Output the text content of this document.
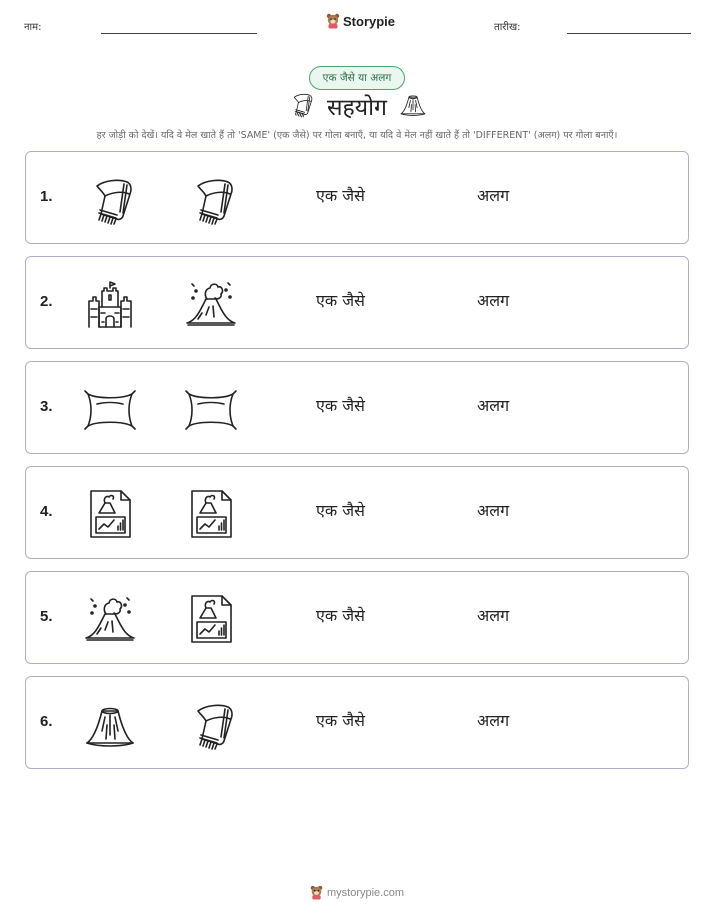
नाम:	Storypie	तारीख:
एक जैसे या अलग
सहयोग
हर जोड़ी को देखें। यदि वे मेल खाते हैं तो 'SAME' (एक जैसे) पर गोला बनाएँ, या यदि वे मेल नहीं खाते हैं तो 'DIFFERENT' (अलग) पर गोला बनाएँ।
1.	एक जैसे	अलग
2.	एक जैसे	अलग
3.	एक जैसे	अलग
4.	एक जैसे	अलग
5.	एक जैसे	अलग
6.	एक जैसे	अलग
mystorypie.com
